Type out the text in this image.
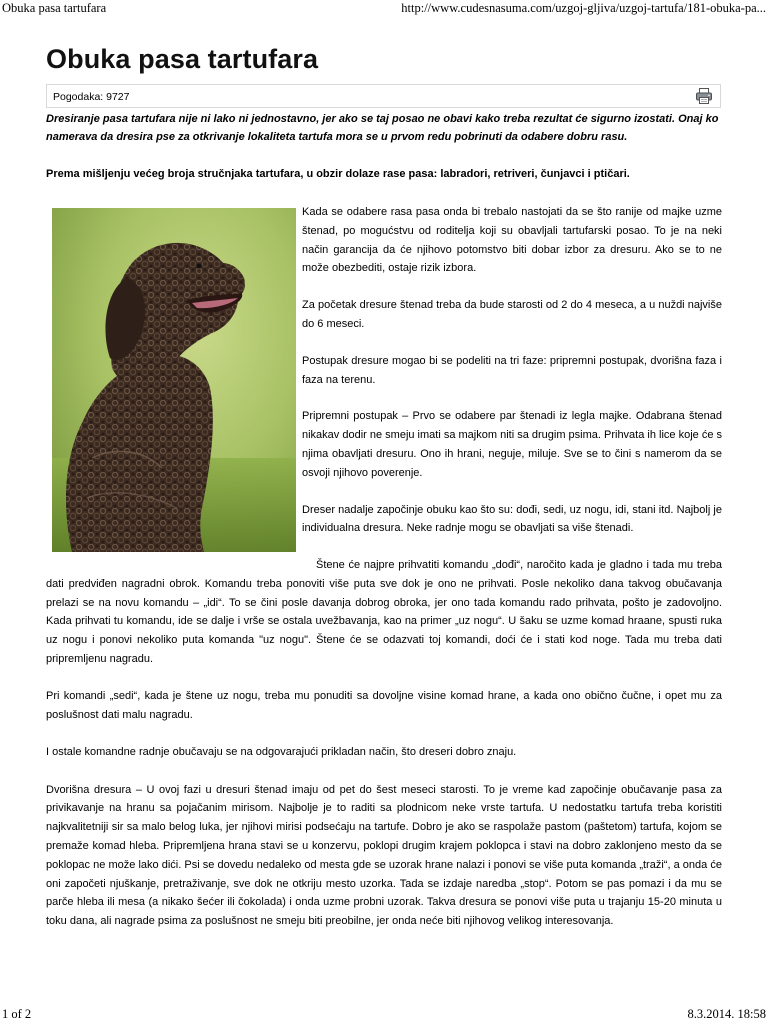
Obuka pasa tartufara	http://www.cudesnasuma.com/uzgoj-gljiva/uzgoj-tartufa/181-obuka-pa...
Obuka pasa tartufara
Pogodaka: 9727

Dresiranje pasa tartufara nije ni lako ni jednostavno, jer ako se taj posao ne obavi kako treba rezultat će sigurno izostati. Onaj ko namerava da dresira pse za otkrivanje lokaliteta tartufa mora se u prvom redu pobrinuti da odabere dobru rasu.

Prema mišljenju većeg broja stručnjaka tartufara, u obzir dolaze rase pasa: labradori, retriveri, čunjavci i ptičari.

Kada se odabere rasa pasa onda bi trebalo nastojati da se što ranije od majke uzme štenad, po mogućstvu od roditelja koji su obavljali tartufarski posao. To je na neki način garancija da će njihovo potomstvo biti dobar izbor za dresuru. Ako se to ne može obezbediti, ostaje rizik izbora.

Za početak dresure štenad treba da bude starosti od 2 do 4 meseca, a u nuždi najviše do 6 meseci.

Postupak dresure mogao bi se podeliti na tri faze: pripremni postupak, dvorišna faza i faza na terenu.

Pripremni postupak – Prvo se odabere par štenadi iz legla majke. Odabrana štenad nikakav dodir ne smeju imati sa majkom niti sa drugim psima. Prihvata ih lice koje će s njima obavljati dresuru. Ono ih hrani, neguje, miluje. Sve se to čini s namerom da se osvoji njihovo poverenje.

Dreser nadalje započinje obuku kao što su: dođi, sedi, uz nogu, idi, stani itd. Najbolj je individualna dresura. Neke radnje mogu se obavljati sa više štenadi.

Štene će najpre prihvatiti komandu „dođi“, naročito kada je gladno i tada mu treba dati predviđen nagradni obrok. Komandu treba ponoviti više puta sve dok je ono ne prihvati. Posle nekoliko dana takvog obučavanja prelazi se na novu komandu – „idi“. To se čini posle davanja dobrog obroka, jer ono tada komandu rado prihvata, pošto je zadovoljno. Kada prihvati tu komandu, ide se dalje i vrše se ostala uvežbavanja, kao na primer „uz nogu“. U šaku se uzme komad hraane, spusti ruka uz nogu i ponovi nekoliko puta komanda "uz nogu". Štene će se odazvati toj komandi, doći će i stati kod noge. Tada mu treba dati pripremljenu nagradu.

Pri komandi „sedi“, kada je štene uz nogu, treba mu ponuditi sa dovoljne visine komad hrane, a kada ono obično čučne, i opet mu za poslušnost dati malu nagradu.

I ostale komandne radnje obučavaju se na odgovarajući prikladan način, što dreseri dobro znaju.

Dvorišna dresura – U ovoj fazi u dresuri štenad imaju od pet do šest meseci starosti. To je vreme kad započinje obučavanje pasa za privikavanje na hranu sa pojačanim mirisom. Najbolje je to raditi sa plodnicom neke vrste tartufa. U nedostatku tartufa treba koristiti najkvalitetniji sir sa malo belog luka, jer njihovi mirisi podsećaju na tartufe. Dobro je ako se raspolaže pastom (paštetom) tartufa, kojom se premaže komad hleba. Pripremljena hrana stavi se u konzervu, poklopi drugim krajem poklopca i stavi na dobro zaklonjeno mesto da se poklopac ne može lako dići. Psi se dovedu nedaleko od mesta gde se uzorak hrane nalazi i ponovi se više puta komanda „traži“, a onda će oni započeti njuškanje, pretraživanje, sve dok ne otkriju mesto uzorka. Tada se izdaje naredba „stop“. Potom se pas pomazi i da mu se parče hleba ili mesa (a nikako šećer ili čokolada) i onda uzme probni uzorak. Takva dresura se ponovi više puta u trajanju 15-20 minuta u toku dana, ali nagrade psima za poslušnost ne smeju biti preobilne, jer onda neće biti njihovog velikog interesovanja.

1 of 2	8.3.2014. 18:58
